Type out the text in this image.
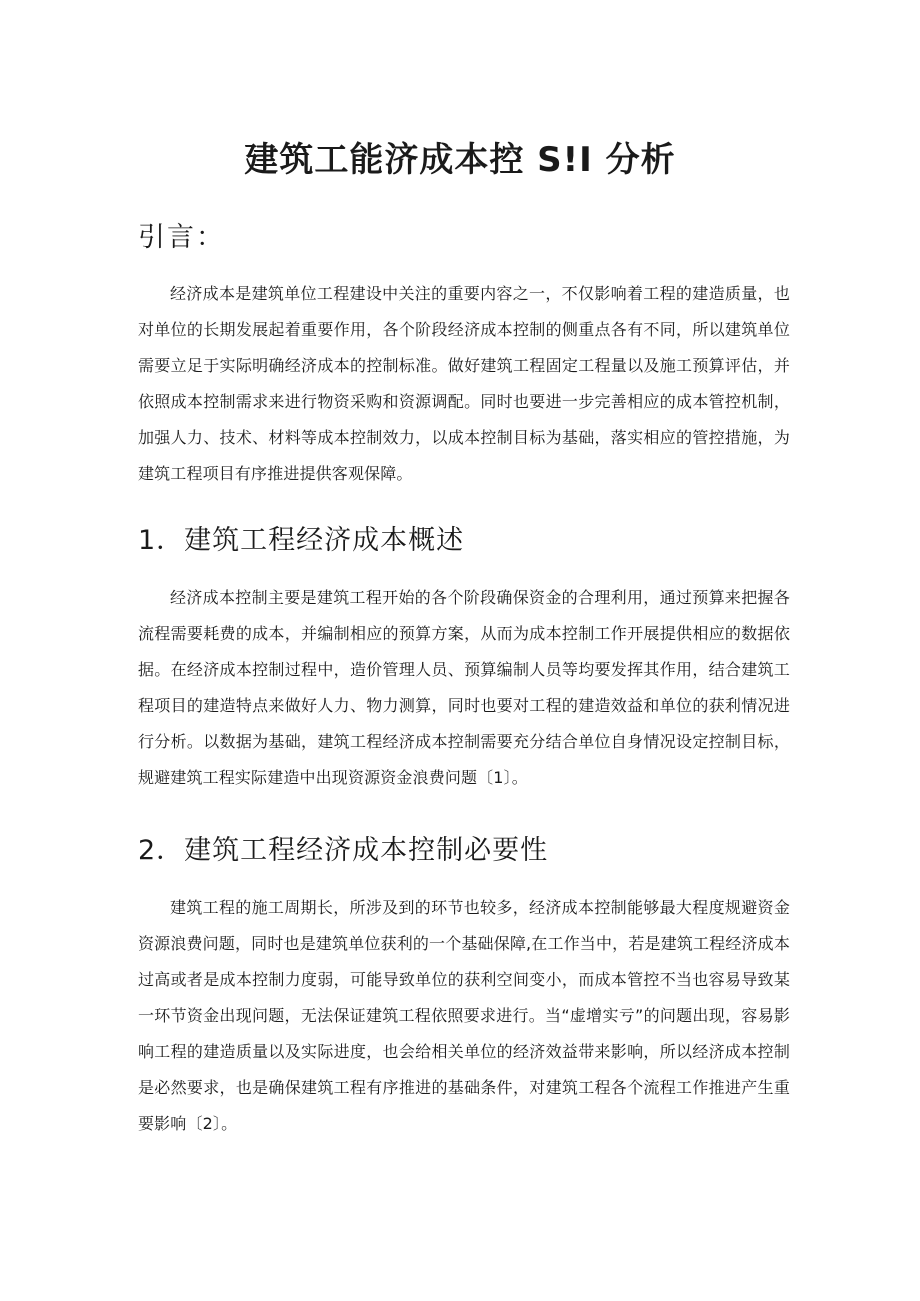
建筑工能济成本控 S!I 分析
引言：

经济成本是建筑单位工程建设中关注的重要内容之一，不仅影响着工程的建造质量，也对单位的长期发展起着重要作用，各个阶段经济成本控制的侧重点各有不同，所以建筑单位需要立足于实际明确经济成本的控制标准。做好建筑工程固定工程量以及施工预算评估，并依照成本控制需求来进行物资采购和资源调配。同时也要进一步完善相应的成本管控机制，加强人力、技术、材料等成本控制效力，以成本控制目标为基础，落实相应的管控措施，为建筑工程项目有序推进提供客观保障。

1．建筑工程经济成本概述

经济成本控制主要是建筑工程开始的各个阶段确保资金的合理利用，通过预算来把握各流程需要耗费的成本，并编制相应的预算方案，从而为成本控制工作开展提供相应的数据依据。在经济成本控制过程中，造价管理人员、预算编制人员等均要发挥其作用，结合建筑工程项目的建造特点来做好人力、物力测算，同时也要对工程的建造效益和单位的获利情况进行分析。以数据为基础，建筑工程经济成本控制需要充分结合单位自身情况设定控制目标，规避建筑工程实际建造中出现资源资金浪费问题〔1〕。

2．建筑工程经济成本控制必要性

建筑工程的施工周期长，所涉及到的环节也较多，经济成本控制能够最大程度规避资金资源浪费问题，同时也是建筑单位获利的一个基础保障,在工作当中，若是建筑工程经济成本过高或者是成本控制力度弱，可能导致单位的获利空间变小，而成本管控不当也容易导致某一环节资金出现问题，无法保证建筑工程依照要求进行。当“虚增实亏”的问题出现，容易影响工程的建造质量以及实际进度，也会给相关单位的经济效益带来影响，所以经济成本控制是必然要求，也是确保建筑工程有序推进的基础条件，对建筑工程各个流程工作推进产生重要影响〔2〕。
